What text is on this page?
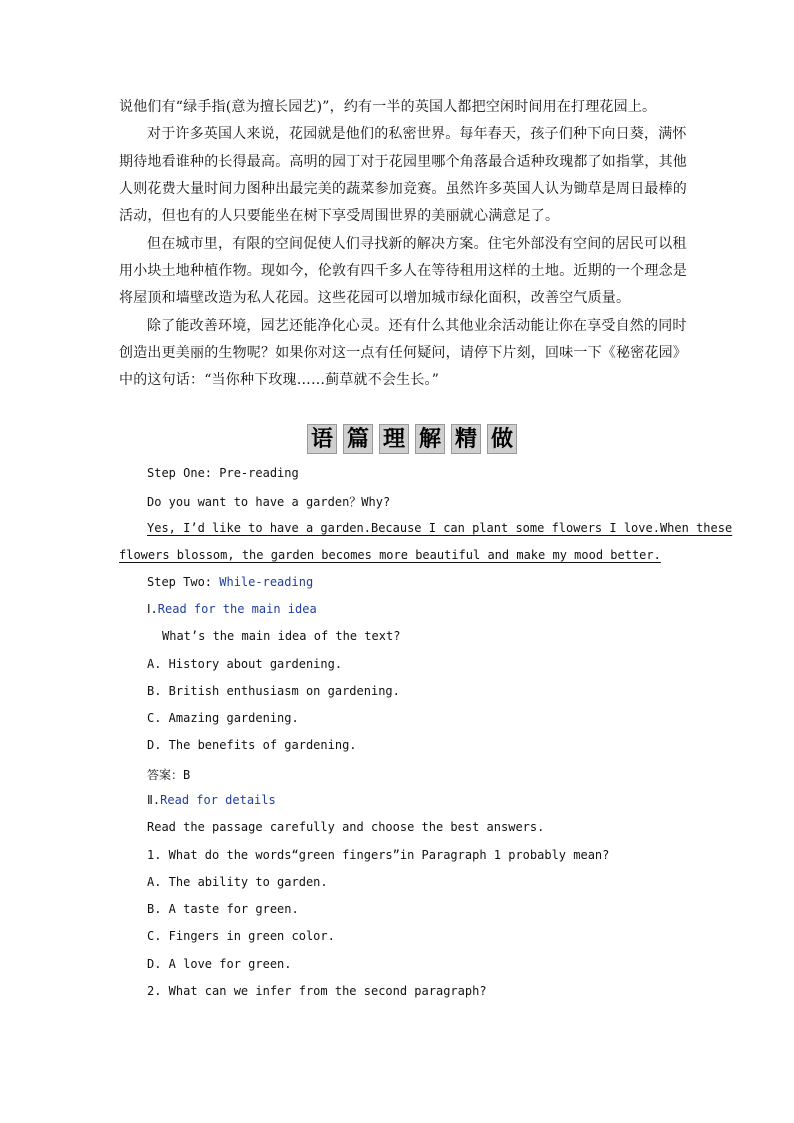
说他们有“绿手指(意为擅长园艺)”，约有一半的英国人都把空闲时间用在打理花园上。
对于许多英国人来说，花园就是他们的私密世界。每年春天，孩子们种下向日葵，满怀
期待地看谁种的长得最高。高明的园丁对于花园里哪个角落最合适种玫瑰都了如指掌，其他
人则花费大量时间力图种出最完美的蔬菜参加竞赛。虽然许多英国人认为锄草是周日最棒的
活动，但也有的人只要能坐在树下享受周围世界的美丽就心满意足了。
但在城市里，有限的空间促使人们寻找新的解决方案。住宅外部没有空间的居民可以租
用小块土地种植作物。现如今，伦敦有四千多人在等待租用这样的土地。近期的一个理念是
将屋顶和墙壁改造为私人花园。这些花园可以增加城市绿化面积，改善空气质量。
除了能改善环境，园艺还能净化心灵。还有什么其他业余活动能让你在享受自然的同时
创造出更美丽的生物呢？如果你对这一点有任何疑问，请停下片刻，回味一下《秘密花园》
中的这句话：“当你种下玫瑰……蓟草就不会生长。”
语 篇 理 解 精 做
Step One: Pre-reading
Do you want to have a garden？Why?
Yes, I’d like to have a garden.Because I can plant some flowers I love.When these
flowers blossom, the garden becomes more beautiful and make my mood better.
Step Two: While-reading
Ⅰ.Read for the main idea
What’s the main idea of the text?
A. History about gardening.
B. British enthusiasm on gardening.
C. Amazing gardening.
D. The benefits of gardening.
答案：B
Ⅱ.Read for details
Read the passage carefully and choose the best answers.
1. What do the words“green fingers”in Paragraph 1 probably mean?
A. The ability to garden.
B. A taste for green.
C. Fingers in green color.
D. A love for green.
2. What can we infer from the second paragraph?
